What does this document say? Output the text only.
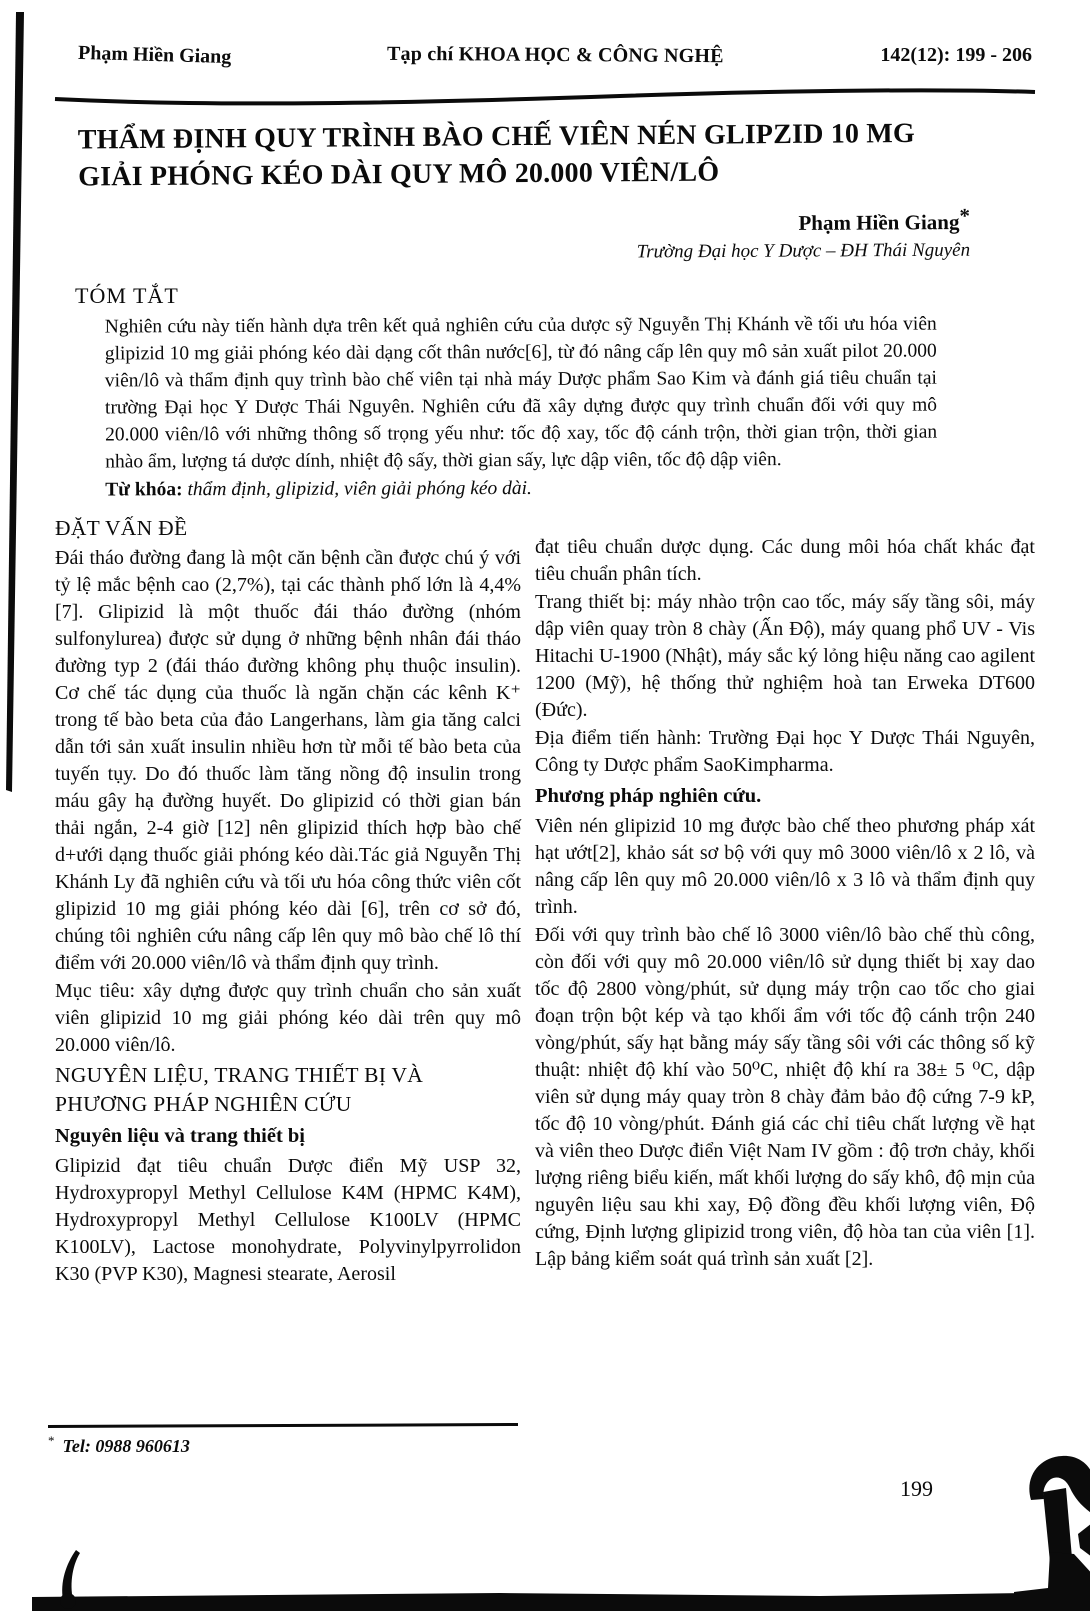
Phạm Hiền Giang	Tạp chí KHOA HỌC & CÔNG NGHỆ	142(12): 199 - 206
THẨM ĐỊNH QUY TRÌNH BÀO CHẾ VIÊN NÉN GLIPZID 10 MG
GIẢI PHÓNG KÉO DÀI QUY MÔ 20.000 VIÊN/LÔ
Phạm Hiền Giang*
Trường Đại học Y Dược – ĐH Thái Nguyên
TÓM TẮT
Nghiên cứu này tiến hành dựa trên kết quả nghiên cứu của dược sỹ Nguyễn Thị Khánh về tối ưu hóa viên glipizid 10 mg giải phóng kéo dài dạng cốt thân nước[6], từ đó nâng cấp lên quy mô sản xuất pilot 20.000 viên/lô và thẩm định quy trình bào chế viên tại nhà máy Dược phẩm Sao Kim và đánh giá tiêu chuẩn tại trường Đại học Y Dược Thái Nguyên. Nghiên cứu đã xây dựng được quy trình chuẩn đối với quy mô 20.000 viên/lô với những thông số trọng yếu như: tốc độ xay, tốc độ cánh trộn, thời gian trộn, thời gian nhào ẩm, lượng tá dược dính, nhiệt độ sấy, thời gian sấy, lực dập viên, tốc độ dập viên.
Từ khóa: thẩm định, glipizid, viên giải phóng kéo dài.
ĐẶT VẤN ĐỀ

Đái tháo đường đang là một căn bệnh cần được chú ý với tỷ lệ mắc bệnh cao (2,7%), tại các thành phố lớn là 4,4%[7]. Glipizid là một thuốc đái tháo đường (nhóm sulfonylurea) được sử dụng ở những bệnh nhân đái tháo đường typ 2 (đái tháo đường không phụ thuộc insulin). Cơ chế tác dụng của thuốc là ngăn chặn các kênh K⁺ trong tế bào beta của đảo Langerhans, làm gia tăng calci dẫn tới sản xuất insulin nhiều hơn từ mỗi tế bào beta của tuyến tụy. Do đó thuốc làm tăng nồng độ insulin trong máu gây hạ đường huyết. Do glipizid có thời gian bán thải ngắn, 2-4 giờ [12] nên glipizid thích hợp bào chế d+ưới dạng thuốc giải phóng kéo dài.Tác giả Nguyễn Thị Khánh Ly đã nghiên cứu và tối ưu hóa công thức viên cốt glipizid 10 mg giải phóng kéo dài [6], trên cơ sở đó, chúng tôi nghiên cứu nâng cấp lên quy mô bào chế lô thí điểm với 20.000 viên/lô và thẩm định quy trình.

Mục tiêu: xây dựng được quy trình chuẩn cho sản xuất viên glipizid 10 mg giải phóng kéo dài trên quy mô 20.000 viên/lô.

NGUYÊN LIỆU, TRANG THIẾT BỊ VÀ PHƯƠNG PHÁP NGHIÊN CỨU
Nguyên liệu và trang thiết bị

Glipizid đạt tiêu chuẩn Dược điển Mỹ USP 32, Hydroxypropyl Methyl Cellulose K4M (HPMC K4M), Hydroxypropyl Methyl Cellulose K100LV (HPMC K100LV), Lactose monohydrate, Polyvinylpyrrolidon K30 (PVP K30), Magnesi stearate, Aerosil

đạt tiêu chuẩn dược dụng. Các dung môi hóa chất khác đạt tiêu chuẩn phân tích.

Trang thiết bị: máy nhào trộn cao tốc, máy sấy tầng sôi, máy dập viên quay tròn 8 chày (Ấn Độ), máy quang phổ UV - Vis Hitachi U-1900 (Nhật), máy sắc ký lỏng hiệu năng cao agilent 1200 (Mỹ), hệ thống thử nghiệm hoà tan Erweka DT600 (Đức).

Địa điểm tiến hành: Trường Đại học Y Dược Thái Nguyên, Công ty Dược phẩm SaoKimpharma.

Phương pháp nghiên cứu.

Viên nén glipizid 10 mg được bào chế theo phương pháp xát hạt ướt[2], khảo sát sơ bộ với quy mô 3000 viên/lô x 2 lô, và nâng cấp lên quy mô 20.000 viên/lô x 3 lô và thẩm định quy trình.

Đối với quy trình bào chế lô 3000 viên/lô bào chế thù công, còn đối với quy mô 20.000 viên/lô sử dụng thiết bị xay dao tốc độ 2800 vòng/phút, sử dụng máy trộn cao tốc cho giai đoạn trộn bột kép và tạo khối ẩm với tốc độ cánh trộn 240 vòng/phút, sấy hạt bằng máy sấy tầng sôi với các thông số kỹ thuật: nhiệt độ khí vào 50⁰C, nhiệt độ khí ra 38± 5 ⁰C, dập viên sử dụng máy quay tròn 8 chày đảm bảo độ cứng 7-9 kP, tốc độ 10 vòng/phút. Đánh giá các chỉ tiêu chất lượng về hạt và viên theo Dược điển Việt Nam IV gồm : độ trơn chảy, khối lượng riêng biểu kiến, mất khối lượng do sấy khô, độ mịn của nguyên liệu sau khi xay, Độ đồng đều khối lượng viên, Độ cứng, Định lượng glipizid trong viên, độ hòa tan của viên [1]. Lập bảng kiểm soát quá trình sản xuất [2].

* Tel: 0988 960613
199
